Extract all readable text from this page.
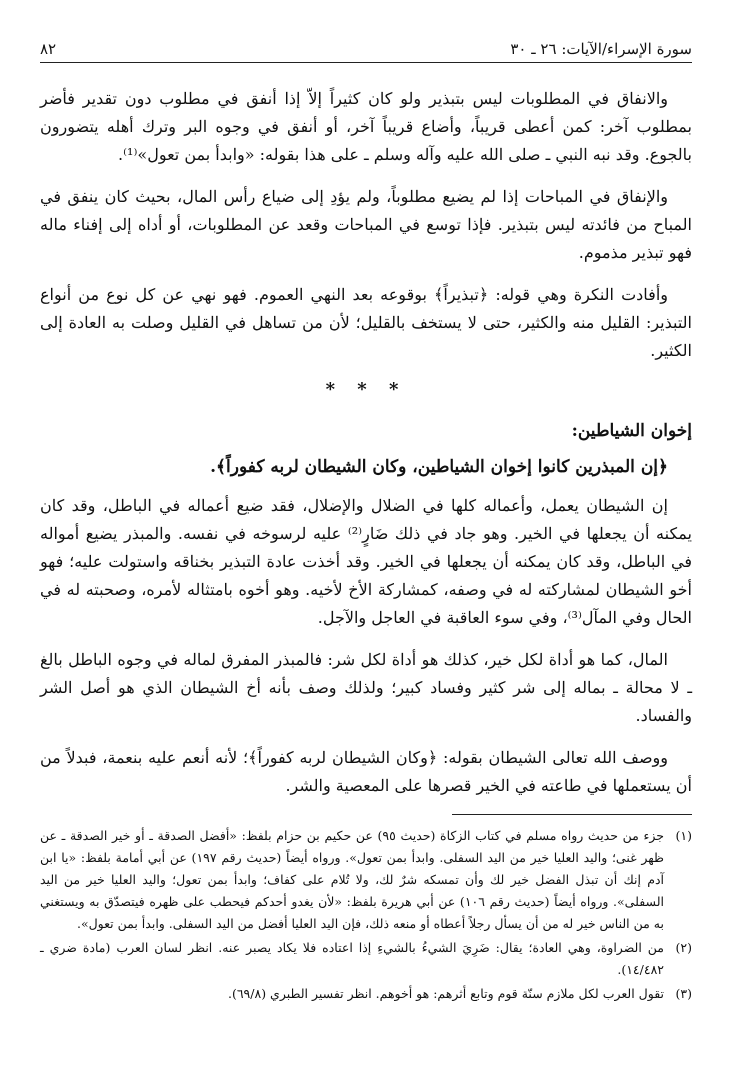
سورة الإسراء/الآيات: ٢٦ ـ ٣٠
٨٢

والانفاق في المطلوبات ليس بتبذير ولو كان كثيراً إلاّ إذا أنفق في مطلوب دون تقدير فأضر بمطلوب آخر: كمن أعطى قريباً، وأضاع قريباً آخر، أو أنفق في وجوه البر وترك أهله يتضورون بالجوع. وقد نبه النبي ـ صلى الله عليه وآله وسلم ـ على هذا بقوله: «وابدأ بمن تعول»⁽¹⁾.

والإنفاق في المباحات إذا لم يضيع مطلوباً، ولم يؤدِ إلى ضياع رأس المال، بحيث كان ينفق في المباح من فائدته ليس بتبذير. فإذا توسع في المباحات وقعد عن المطلوبات، أو أداه إلى إفناء ماله فهو تبذير مذموم.

وأفادت النكرة وهي قوله: ﴿تبذيراً﴾ بوقوعه بعد النهي العموم. فهو نهي عن كل نوع من أنواع التبذير: القليل منه والكثير، حتى لا يستخف بالقليل؛ لأن من تساهل في القليل وصلت به العادة إلى الكثير.

* * *
إخوان الشياطين:
﴿إن المبذرين كانوا إخوان الشياطين، وكان الشيطان لربه كفوراً﴾.

إن الشيطان يعمل، وأعماله كلها في الضلال والإضلال، فقد ضيع أعماله في الباطل، وقد كان يمكنه أن يجعلها في الخير. وهو جاد في ذلك ضَارٍ⁽²⁾ عليه لرسوخه في نفسه. والمبذر يضيع أمواله في الباطل، وقد كان يمكنه أن يجعلها في الخير. وقد أخذت عادة التبذير بخناقه واستولت عليه؛ فهو أخو الشيطان لمشاركته له في وصفه، كمشاركة الأخ لأخيه. وهو أخوه بامتثاله لأمره، وصحبته له في الحال وفي المآل⁽³⁾، وفي سوء العاقبة في العاجل والآجل.

المال، كما هو أداة لكل خير، كذلك هو أداة لكل شر: فالمبذر المفرق لماله في وجوه الباطل بالغ ـ لا محالة ـ بماله إلى شر كثير وفساد كبير؛ ولذلك وصف بأنه أخ الشيطان الذي هو أصل الشر والفساد.

ووصف الله تعالى الشيطان بقوله: ﴿وكان الشيطان لربه كفوراً﴾؛ لأنه أنعم عليه بنعمة، فبدلاً من أن يستعملها في طاعته في الخير قصرها على المعصية والشر.

(١)
جزء من حديث رواه مسلم في كتاب الزكاة (حديث ٩٥) عن حكيم بن حزام بلفظ: «أفضل الصدقة ـ أو خير الصدقة ـ عن ظهر غنى؛ واليد العليا خير من اليد السفلى. وابدأ بمن تعول». ورواه أيضاً (حديث رقم ١٩٧) عن أبي أمامة بلفظ: «يا ابن آدم إنك أن تبذل الفضل خير لك وأن تمسكه شرٌ لك، ولا تُلام على كفاف؛ وابدأ بمن تعول؛ واليد العليا خير من اليد السفلى». ورواه أيضاً (حديث رقم ١٠٦) عن أبي هريرة بلفظ: «لأن يغدو أحدكم فيحطب على ظهره فيتصدّق به ويستغني به من الناس خير له من أن يسأل رجلاً أعطاه أو منعه ذلك، فإن اليد العليا أفضل من اليد السفلى. وابدأ بمن تعول».
(٢)
من الضراوة، وهي العادة؛ يقال: ضَرِيَ الشيءُ بالشيءِ إذا اعتاده فلا يكاد يصبر عنه. انظر لسان العرب (مادة ضري ـ ١٤/٤٨٢).
(٣)
تقول العرب لكل ملازم سنّة قوم وتابع أثرهم: هو أخوهم. انظر تفسير الطبري (٦٩/٨).
